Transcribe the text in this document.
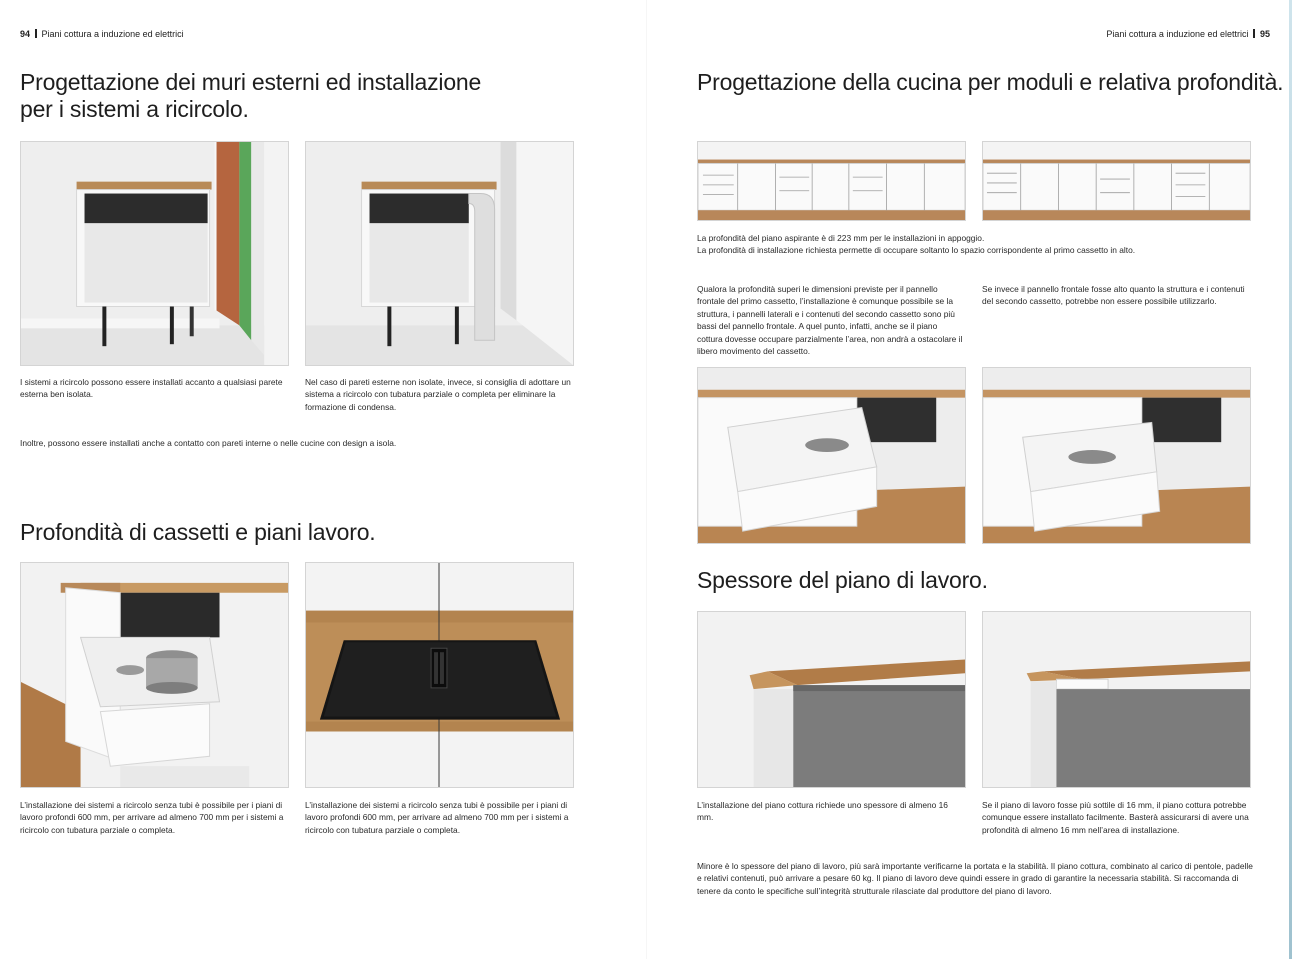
94 Piani cottura a induzione ed elettrici	Piani cottura a induzione ed elettrici 95
Progettazione dei muri esterni ed installazione per i sistemi a ricircolo.
I sistemi a ricircolo possono essere installati accanto a qualsiasi parete esterna ben isolata.
Nel caso di pareti esterne non isolate, invece, si consiglia di adottare un sistema a ricircolo con tubatura parziale o completa per eliminare la formazione di condensa.
Inoltre, possono essere installati anche a contatto con pareti interne o nelle cucine con design a isola.
Profondità di cassetti e piani lavoro.
L’installazione dei sistemi a ricircolo senza tubi è possibile per i piani di lavoro profondi 600 mm, per arrivare ad almeno 700 mm per i sistemi a ricircolo con tubatura parziale o completa.
L’installazione dei sistemi a ricircolo senza tubi è possibile per i piani di lavoro profondi 600 mm, per arrivare ad almeno 700 mm per i sistemi a ricircolo con tubatura parziale o completa.
Progettazione della cucina per moduli e relativa profondità.
La profondità del piano aspirante è di 223 mm per le installazioni in appoggio.
La profondità di installazione richiesta permette di occupare soltanto lo spazio corrispondente al primo cassetto in alto.
Qualora la profondità superi le dimensioni previste per il pannello frontale del primo cassetto, l’installazione è comunque possibile se la struttura, i pannelli laterali e i contenuti del secondo cassetto sono più bassi del pannello frontale. A quel punto, infatti, anche se il piano cottura dovesse occupare parzialmente l’area, non andrà a ostacolare il libero movimento del cassetto.
Se invece il pannello frontale fosse alto quanto la struttura e i contenuti del secondo cassetto, potrebbe non essere possibile utilizzarlo.
Spessore del piano di lavoro.
L’installazione del piano cottura richiede uno spessore di almeno 16 mm.
Se il piano di lavoro fosse più sottile di 16 mm, il piano cottura potrebbe comunque essere installato facilmente. Basterà assicurarsi di avere una profondità di almeno 16 mm nell’area di installazione.
Minore è lo spessore del piano di lavoro, più sarà importante verificarne la portata e la stabilità. Il piano cottura, combinato al carico di pentole, padelle e relativi contenuti, può arrivare a pesare 60 kg. Il piano di lavoro deve quindi essere in grado di garantire la necessaria stabilità. Si raccomanda di tenere da conto le specifiche sull’integrità strutturale rilasciate dal produttore del piano di lavoro.
